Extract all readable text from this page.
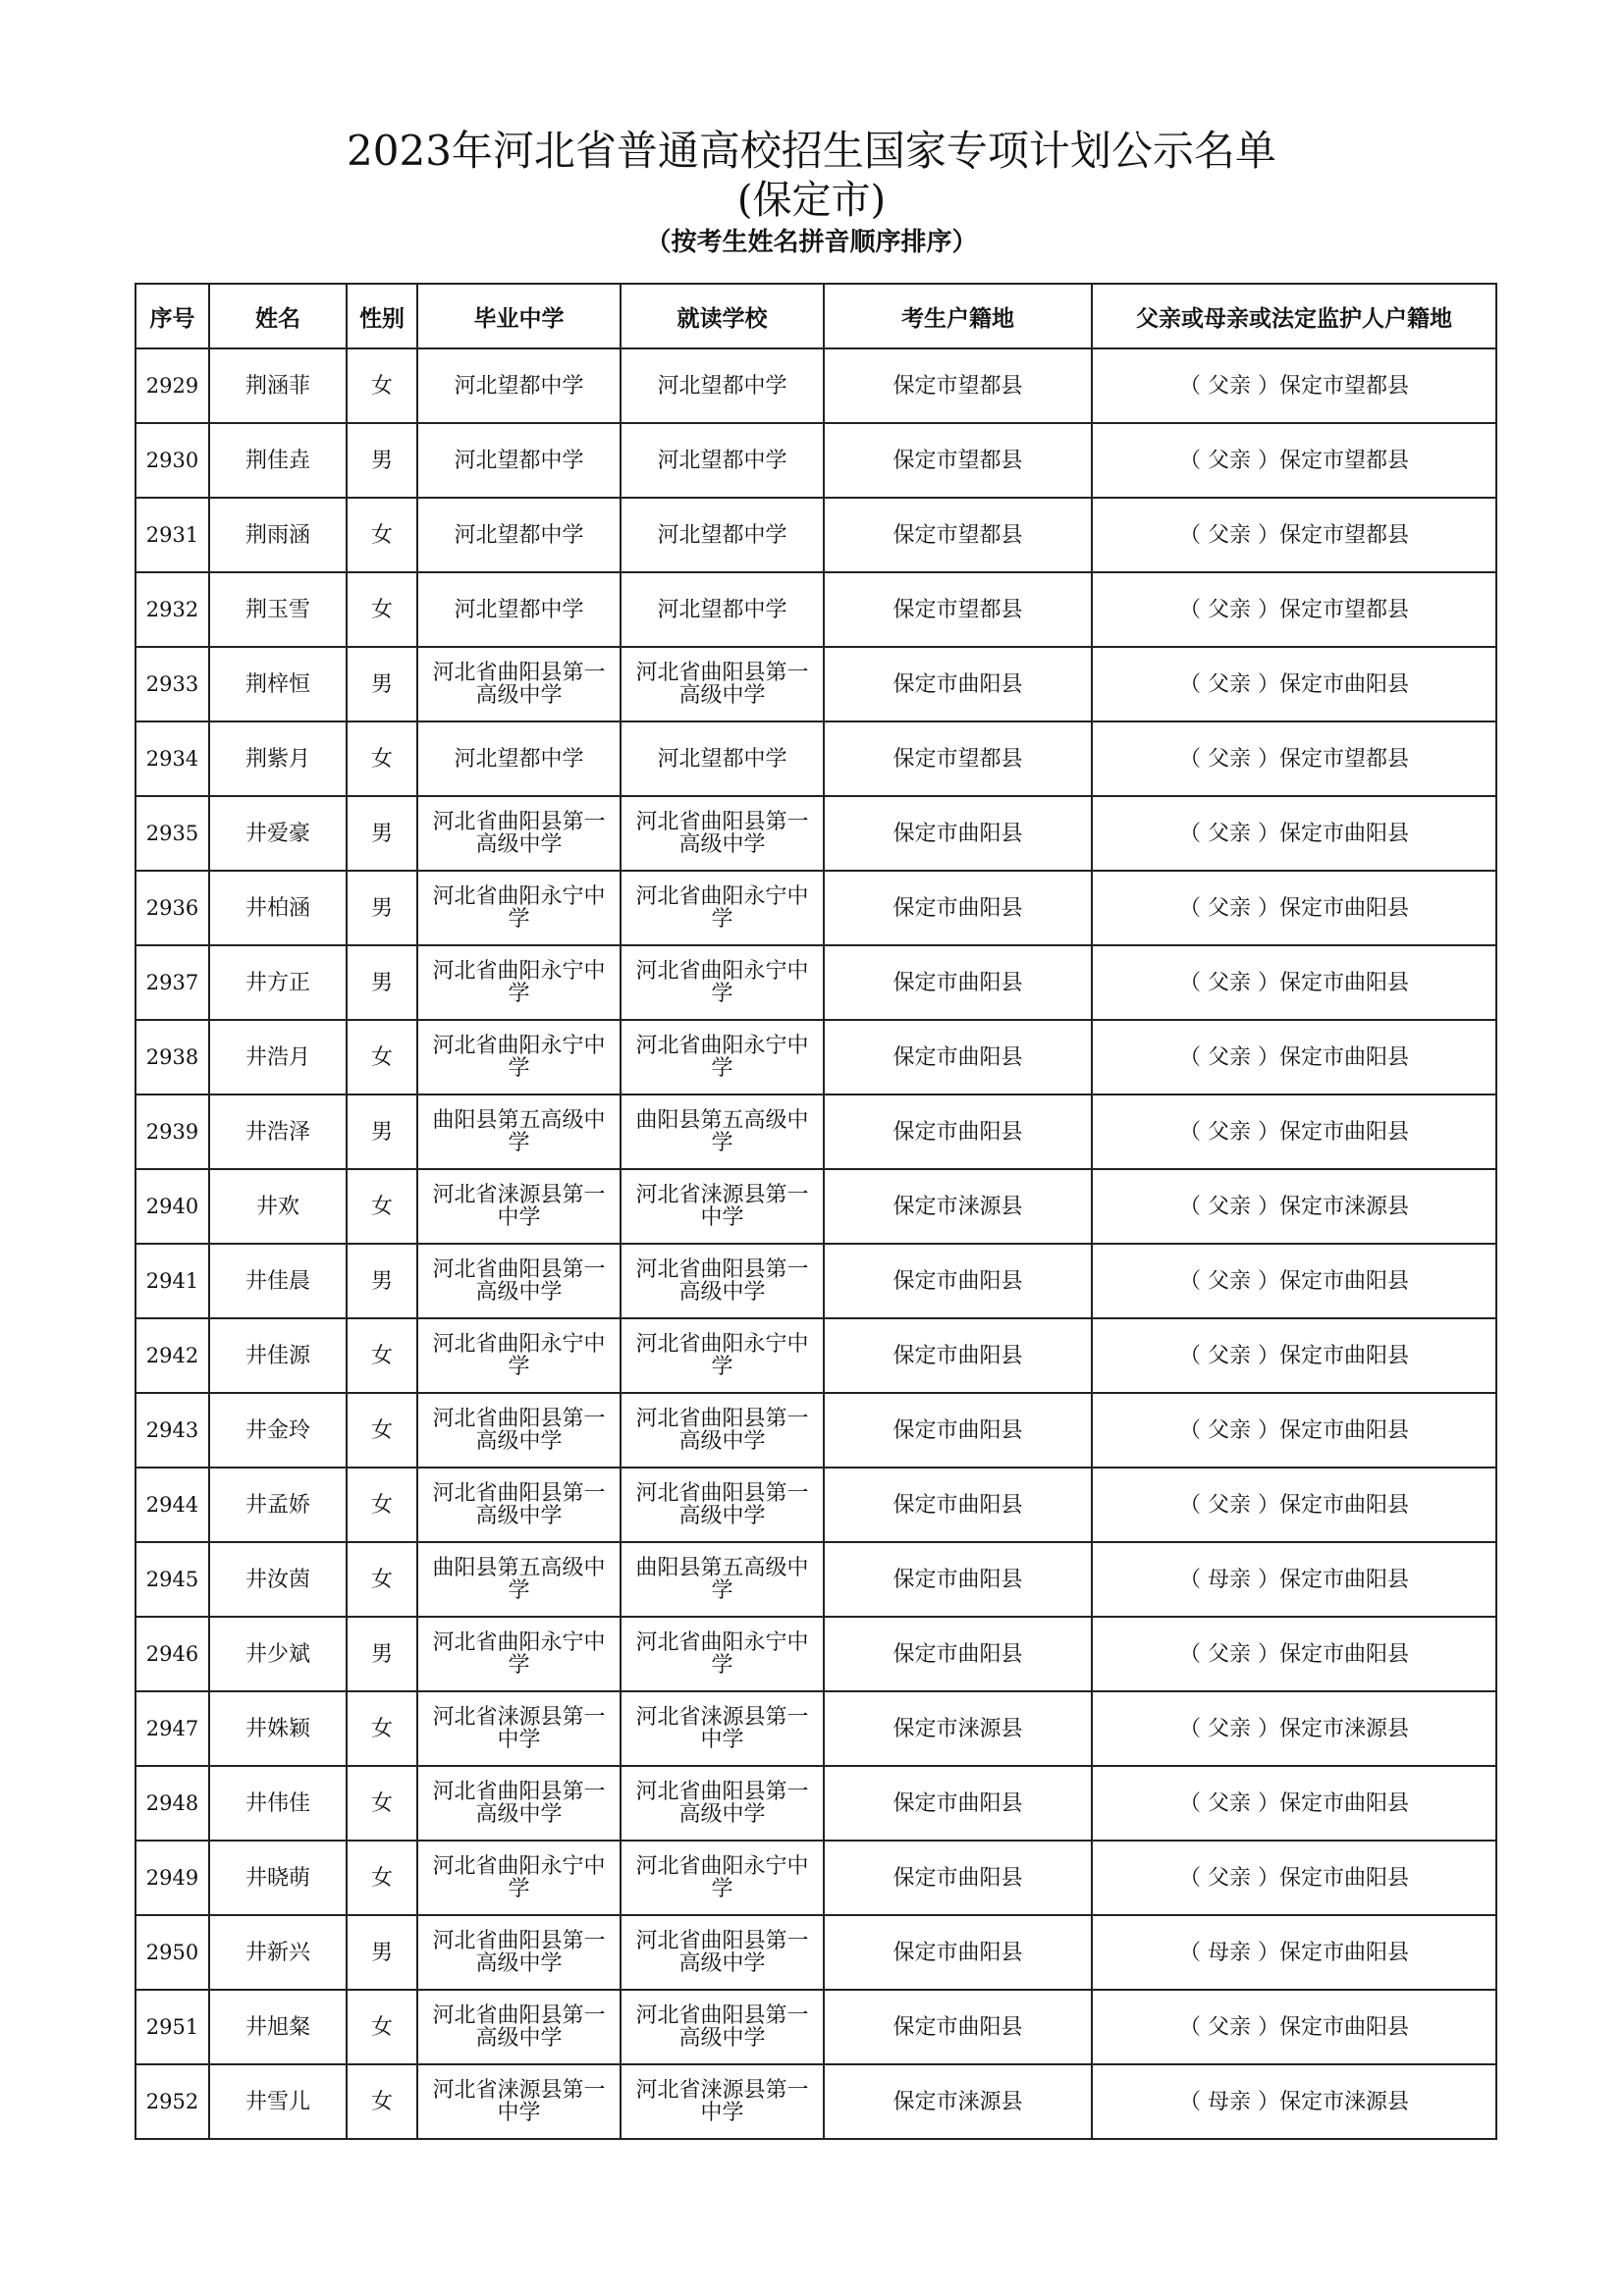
2023年河北省普通高校招生国家专项计划公示名单
(保定市)
（按考生姓名拼音顺序排序）
序号	姓名	性别	毕业中学	就读学校	考生户籍地	父亲或母亲或法定监护人户籍地
2929	荆涵菲	女	河北望都中学	河北望都中学	保定市望都县	（ 父亲 ）保定市望都县
2930	荆佳垚	男	河北望都中学	河北望都中学	保定市望都县	（ 父亲 ）保定市望都县
2931	荆雨涵	女	河北望都中学	河北望都中学	保定市望都县	（ 父亲 ）保定市望都县
2932	荆玉雪	女	河北望都中学	河北望都中学	保定市望都县	（ 父亲 ）保定市望都县
2933	荆梓恒	男	河北省曲阳县第一高级中学	河北省曲阳县第一高级中学	保定市曲阳县	（ 父亲 ）保定市曲阳县
2934	荆紫月	女	河北望都中学	河北望都中学	保定市望都县	（ 父亲 ）保定市望都县
2935	井爱豪	男	河北省曲阳县第一高级中学	河北省曲阳县第一高级中学	保定市曲阳县	（ 父亲 ）保定市曲阳县
2936	井柏涵	男	河北省曲阳永宁中学	河北省曲阳永宁中学	保定市曲阳县	（ 父亲 ）保定市曲阳县
2937	井方正	男	河北省曲阳永宁中学	河北省曲阳永宁中学	保定市曲阳县	（ 父亲 ）保定市曲阳县
2938	井浩月	女	河北省曲阳永宁中学	河北省曲阳永宁中学	保定市曲阳县	（ 父亲 ）保定市曲阳县
2939	井浩泽	男	曲阳县第五高级中学	曲阳县第五高级中学	保定市曲阳县	（ 父亲 ）保定市曲阳县
2940	井欢	女	河北省涞源县第一中学	河北省涞源县第一中学	保定市涞源县	（ 父亲 ）保定市涞源县
2941	井佳晨	男	河北省曲阳县第一高级中学	河北省曲阳县第一高级中学	保定市曲阳县	（ 父亲 ）保定市曲阳县
2942	井佳源	女	河北省曲阳永宁中学	河北省曲阳永宁中学	保定市曲阳县	（ 父亲 ）保定市曲阳县
2943	井金玲	女	河北省曲阳县第一高级中学	河北省曲阳县第一高级中学	保定市曲阳县	（ 父亲 ）保定市曲阳县
2944	井孟娇	女	河北省曲阳县第一高级中学	河北省曲阳县第一高级中学	保定市曲阳县	（ 父亲 ）保定市曲阳县
2945	井汝茵	女	曲阳县第五高级中学	曲阳县第五高级中学	保定市曲阳县	（ 母亲 ）保定市曲阳县
2946	井少斌	男	河北省曲阳永宁中学	河北省曲阳永宁中学	保定市曲阳县	（ 父亲 ）保定市曲阳县
2947	井姝颖	女	河北省涞源县第一中学	河北省涞源县第一中学	保定市涞源县	（ 父亲 ）保定市涞源县
2948	井伟佳	女	河北省曲阳县第一高级中学	河北省曲阳县第一高级中学	保定市曲阳县	（ 父亲 ）保定市曲阳县
2949	井晓萌	女	河北省曲阳永宁中学	河北省曲阳永宁中学	保定市曲阳县	（ 父亲 ）保定市曲阳县
2950	井新兴	男	河北省曲阳县第一高级中学	河北省曲阳县第一高级中学	保定市曲阳县	（ 母亲 ）保定市曲阳县
2951	井旭粲	女	河北省曲阳县第一高级中学	河北省曲阳县第一高级中学	保定市曲阳县	（ 父亲 ）保定市曲阳县
2952	井雪儿	女	河北省涞源县第一中学	河北省涞源县第一中学	保定市涞源县	（ 母亲 ）保定市涞源县
